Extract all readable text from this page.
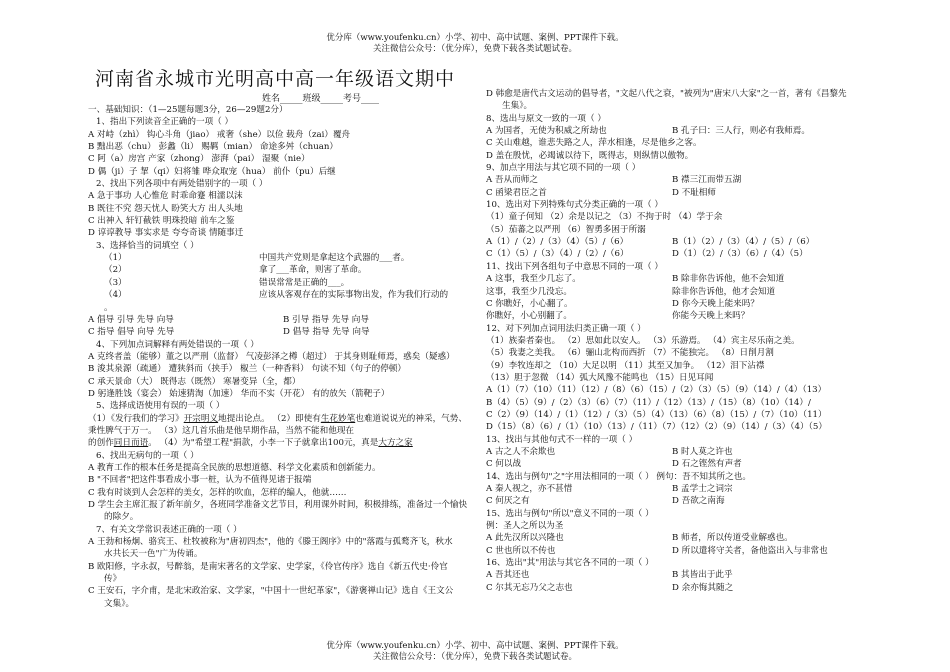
优分库（www.youfenku.cn）小学、初中、高中试题、案例、PPT课件下载。
关注微信公众号：（优分库），免费下载各类试题试卷。
河南省永城市光明高中高一年级语文期中
姓名_____班级_____考号____
一、基础知识：（1—25题每题3分，26—29题2分）
1、指出下列读音全正确的一项（ ）
A 对峙（zhì） 钩心斗角（jiao） 戒奢（she）以俭 载舟（zai）覆舟
B 黜出恶（chu） 彭蠡（li） 赐羁（mian） 命途多舛（chuan）
C 阿（a）房宫 产家（zhong） 澎湃（pai） 湿聚（nie）
D 偶（ji）子 挈（qi）妇将雏 哗众取宠（hua） 前仆（pu）后继
2、找出下列各项中有两处错别字的一项（ ）
A 急于事功 人心惟危 时乖命蹇 相濡以沫
B 既往不究 怨天忧人 盼笑大方 出人头地
C 出神入 轩钉截铁 明珠投暗 前车之鉴
D 谆谆教导 事实求是 夸夸奇谈 情随事迁
3、选择恰当的词填空（ ）
（1）	中国共产党则是拿起这个武器的___者。
（2）	拿了___革命，则害了革命。
（3）	错误常常是正确的___。
（4）	应该从客观存在的实际事物出发，作为我们行动的
。
A 倡导 引导 先导 向导	B 引导 指导 先导 向导
C 指导 倡导 向导 先导	D 倡导 指导 先导 向导
4、下列加点词解释有两处错误的一项（ ）
A 克终者盖（能够）董之以严刑（监督） 气凌彭泽之樽（超过） 于其身则耻师焉，惑矣（疑惑）
B 浚其泉源（疏通） 遭狭斜而（挟手） 椒兰（一种香料） 句读不知（句子的停顿）
C 承天景命（大） 既得志（既然） 寒暑变异（全，都）
D 躬逢胜饯（宴会） 始速猜淘（加速） 华而不实（开花） 有的放矢（箭靶子）
5、选择成语使用有误的一项（ ）
（1）《发行我们的学习》开宗明义地提出论点。 （2）即使有生花妙笔也难道说说光的神采，气势、
秉性脾气于万一。 （3）这几首乐曲是他早期作品，当然不能和他现在
的创作同日而语。 （4）为"希望工程"捐款，小李一下子就拿出100元，真是大方之家
6、找出无病句的一项（ ）
A 教育工作的根本任务是提高全民族的思想道德、科学文化素质和创新能力。
B "不回者"把这件事看成小事一桩，认为不值得见诸于报端
C 我有时谈到人会怎样的美女，怎样的吹血，怎样的编人，他就……
D 学生会主席汇报了新年前夕，各班同学准备文艺节目，利用课外时间，积极排练，准备过一个愉快
的除夕。
7、有关文学常识表述正确的一项（ ）
A 王勃和杨炯、骆宾王、杜牧被称为"唐初四杰"，他的《滕王阁序》中的"落霞与孤鹜齐飞，秋水
水共长天一色"广为传诵。
B 欧阳修，字永叔，号醉翁，是南宋著名的文学家、史学家，《伶官传序》选自《新五代史·伶官
传》
C 王安石，字介甫，是北宋政治家、文学家，"中国十一世纪革家"，《游褒禅山记》选自《王文公
文集》。
D 韩愈是唐代古文运动的倡导者，"文起八代之衰，"被列为"唐宋八大家"之一首，著有《昌黎先
生集》。
8、选出与原文一致的一项（ ）
A 为国者，无使为积威之所劫也	B 孔子曰：三人行，则必有我师焉。
C 关山难越，谁悲失路之人，萍水相逢，尽是他乡之客。
D 盖在殷忧，必竭诚以待下，既得志，则纵情以傲物。
9、加点字用法与其它项不同的一项（ ）
A 吾从而师之	B 襟三江而带五湖
C 函梁君臣之首	D 不耻相师
10、选出对下列特殊句式分类正确的一项（ ）
（1）童子何知 （2）余是以记之 （3）不拘于时 （4）学于余
（5）茄蕃之以严刑 （6）智勇多困于所溺
A（1）/（2）/（3）（4）（5）/（6）	B（1）（2）/（3）（4）/（5）/（6）
C（1）（5）/（3）（4）/（2）/（6）	D（1）（2）/（3）（6）/（4）（5）
11、找出下列各组句子中意思不同的一项（ ）
A 这事，我至少几忘了。	B 除非你告诉他，他不会知道
这事，我至少几没忘。	除非你告诉他，他才会知道
C 你瞧好，小心翻了。	D 你今天晚上能来吗？
你瞧好，小心别翻了。	你能今天晚上来吗？
12、对下列加点词用法归类正确一项（ ）
（1）族秦者秦也。 （2）思如此以安人。 （3）乐游焉。 （4）宾主尽乐南之美。
（5）我妻之美我。 （6）骊山北构而西折 （7）不能独完。 （8）日削月割
（9）李牧连却之 （10）大足以明 （11）其至又加争。 （12）泪下沾襟
（13）胆于忽微 （14）弧大风豫不能鸣也 （15）日见耳闻
A（1）（7）（10）（11）（12）/（8）（6）（15）/（2）（3）（5）（9）（14）/（4）（13）
B（4）（5）（9）/（2）（3）（6）（7）（11）/（12）（13）/（15）（8）（10）（14）/
C（2）（9）（14）/（1）（12）/（3）（5）（4）（13）（6）（8）（15）/（7）（10）（11）
D（15）（8）（6）/（1）（10）（13）/（11）（7）（12）（2）（9）（14）/（3）（4）（5）
13、找出与其他句式不一样的一项（ ）
A 古之人不余欺也	B 时人莫之许也
C 何以战	D 石之铿然有声者
14、选出与例句"之"字用法相同的一项（ ） 例句：吾不知其所之也。
A 秦人视之，亦不甚惜	B 孟学士之词宗
C 何厌之有	D 吾欲之南海
15、选出与例句"所以"意义不同的一项（ ）
例：圣人之所以为圣
A 此先汉所以兴隆也	B 师者，所以传道受业解惑也。
C 世也所以不传也	D 所以遣将守关者，备他盗出入与非常也
16、选出"其"用法与其它各不同的一项（ ）
A 吾其还也	B 其皆出于此乎
C 尔其无忘乃父之志也	D 余亦悔其随之
优分库（www.youfenku.cn）小学、初中、高中试题、案例、PPT课件下载。
关注微信公众号：（优分库），免费下载各类试题试卷。
